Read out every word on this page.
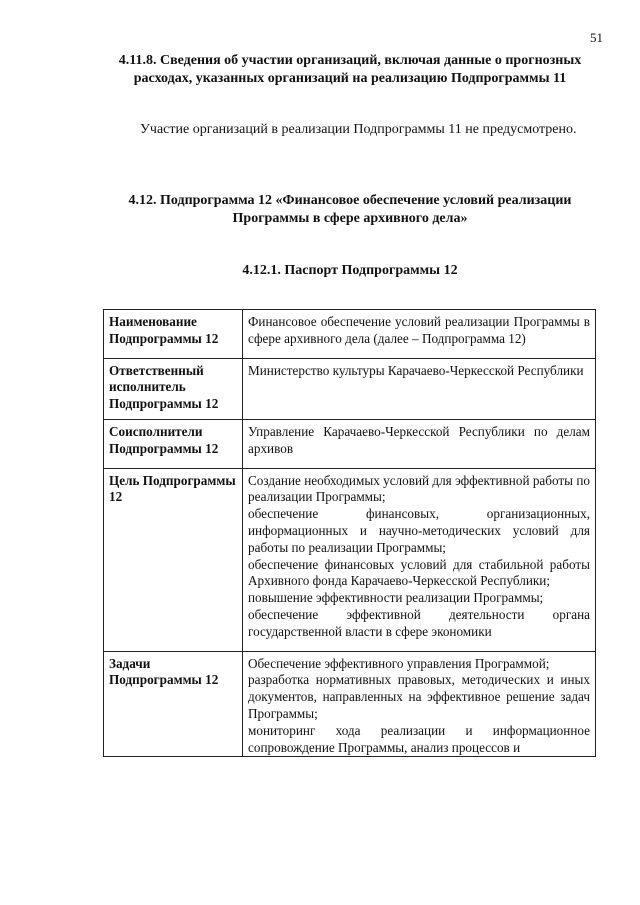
51
4.11.8. Сведения об участии организаций, включая данные о прогнозных расходах, указанных организаций на реализацию Подпрограммы 11
Участие организаций в реализации Подпрограммы 11 не предусмотрено.
4.12. Подпрограмма 12 «Финансовое обеспечение условий реализации Программы в сфере архивного дела»
4.12.1. Паспорт Подпрограммы 12
Наименование Подпрограммы 12	Финансовое обеспечение условий реализации Программы в сфере архивного дела (далее – Подпрограмма 12)

Ответственный исполнитель Подпрограммы 12	Министерство культуры Карачаево-Черкесской Республики

Соисполнители Подпрограммы 12	Управление Карачаево-Черкесской Республики по делам архивов

Цель Подпрограммы 12	Создание необходимых условий для эффективной работы по реализации Программы;
обеспечение финансовых, организационных, информационных и научно-методических условий для работы по реализации Программы;
обеспечение финансовых условий для стабильной работы Архивного фонда Карачаево-Черкесской Республики;
повышение эффективности реализации Программы;
обеспечение эффективной деятельности органа государственной власти в сфере экономики

Задачи Подпрограммы 12	Обеспечение эффективного управления Программой;
разработка нормативных правовых, методических и иных документов, направленных на эффективное решение задач Программы;
мониторинг хода реализации и информационное сопровождение Программы, анализ процессов и
